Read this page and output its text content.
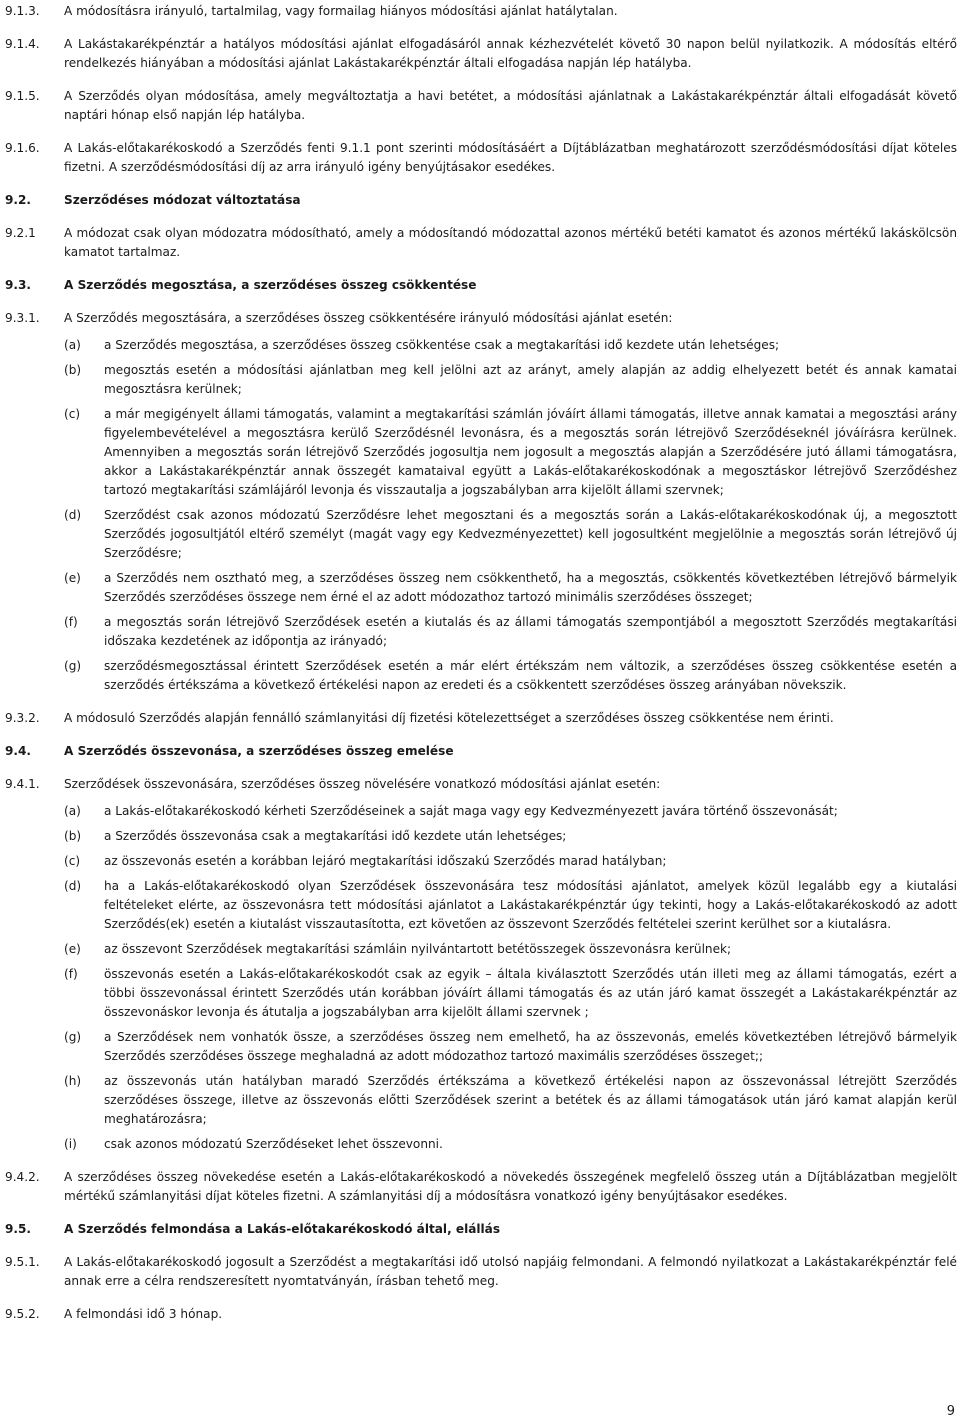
9.1.3.	A módosításra irányuló, tartalmilag, vagy formailag hiányos módosítási ajánlat hatálytalan.
9.1.4.	A Lakástakarékpénztár a hatályos módosítási ajánlat elfogadásáról annak kézhezvételét követő 30 napon belül nyilatkozik. A módosítás eltérő rendelkezés hiányában a módosítási ajánlat Lakástakarékpénztár általi elfogadása napján lép hatályba.
9.1.5.	A Szerződés olyan módosítása, amely megváltoztatja a havi betétet, a módosítási ajánlatnak a Lakástakarékpénztár általi elfogadását követő naptári hónap első napján lép hatályba.
9.1.6.	A Lakás-előtakarékoskodó a Szerződés fenti 9.1.1 pont szerinti módosításáért a Díjtáblázatban meghatározott szerződésmódosítási díjat köteles fizetni. A szerződésmódosítási díj az arra irányuló igény benyújtásakor esedékes.
9.2.	Szerződéses módozat változtatása
9.2.1	A módozat csak olyan módozatra módosítható, amely a módosítandó módozattal azonos mértékű betéti kamatot és azonos mértékű lakáskölcsön kamatot tartalmaz.
9.3.	A Szerződés megosztása, a szerződéses összeg csökkentése
9.3.1.	A Szerződés megosztására, a szerződéses összeg csökkentésére irányuló módosítási ajánlat esetén:
(a)	a Szerződés megosztása, a szerződéses összeg csökkentése csak a megtakarítási idő kezdete után lehetséges;
(b)	megosztás esetén a módosítási ajánlatban meg kell jelölni azt az arányt, amely alapján az addig elhelyezett betét és annak kamatai megosztásra kerülnek;
(c)	a már megigényelt állami támogatás, valamint a megtakarítási számlán jóváírt állami támogatás, illetve annak kamatai a megosztási arány figyelembevételével a megosztásra kerülő Szerződésnél levonásra, és a megosztás során létrejövő Szerződéseknél jóváírásra kerülnek. Amennyiben a megosztás során létrejövő Szerződés jogosultja nem jogosult a megosztás alapján a Szerződésére jutó állami támogatásra, akkor a Lakástakarékpénztár annak összegét kamataival együtt a Lakás-előtakarékoskodónak a megosztáskor létrejövő Szerződéshez tartozó megtakarítási számlájáról levonja és visszautalja a jogszabályban arra kijelölt állami szervnek;
(d)	Szerződést csak azonos módozatú Szerződésre lehet megosztani és a megosztás során a Lakás-előtakarékoskodónak új, a megosztott Szerződés jogosultjától eltérő személyt (magát vagy egy Kedvezményezettet) kell jogosultként megjelölnie a megosztás során létrejövő új Szerződésre;
(e)	a Szerződés nem osztható meg, a szerződéses összeg nem csökkenthető, ha a megosztás, csökkentés következtében létrejövő bármelyik Szerződés szerződéses összege nem érné el az adott módozathoz tartozó minimális szerződéses összeget;
(f)	a megosztás során létrejövő Szerződések esetén a kiutalás és az állami támogatás szempontjából a megosztott Szerződés megtakarítási időszaka kezdetének az időpontja az irányadó;
(g)	szerződésmegosztással érintett Szerződések esetén a már elért értékszám nem változik, a szerződéses összeg csökkentése esetén a szerződés értékszáma a következő értékelési napon az eredeti és a csökkentett szerződéses összeg arányában növekszik.
9.3.2.	A módosuló Szerződés alapján fennálló számlanyitási díj fizetési kötelezettséget a szerződéses összeg csökkentése nem érinti.
9.4.	A Szerződés összevonása, a szerződéses összeg emelése
9.4.1.	Szerződések összevonására, szerződéses összeg növelésére vonatkozó módosítási ajánlat esetén:
(a)	a Lakás-előtakarékoskodó kérheti Szerződéseinek a saját maga vagy egy Kedvezményezett javára történő összevonását;
(b)	a Szerződés összevonása csak a megtakarítási idő kezdete után lehetséges;
(c)	az összevonás esetén a korábban lejáró megtakarítási időszakú Szerződés marad hatályban;
(d)	ha a Lakás-előtakarékoskodó olyan Szerződések összevonására tesz módosítási ajánlatot, amelyek közül legalább egy a kiutalási feltételeket elérte, az összevonásra tett módosítási ajánlatot a Lakástakarékpénztár úgy tekinti, hogy a Lakás-előtakarékoskodó az adott Szerződés(ek) esetén a kiutalást visszautasította, ezt követően az összevont Szerződés feltételei szerint kerülhet sor a kiutalásra.
(e)	az összevont Szerződések megtakarítási számláin nyilvántartott betétösszegek összevonásra kerülnek;
(f)	összevonás esetén a Lakás-előtakarékoskodót csak az egyik – általa kiválasztott Szerződés után illeti meg az állami támogatás, ezért a többi összevonással érintett Szerződés után korábban jóváírt állami támogatás és az után járó kamat összegét a Lakástakarékpénztár az összevonáskor levonja és átutalja a jogszabályban arra kijelölt állami szervnek ;
(g)	a Szerződések nem vonhatók össze, a szerződéses összeg nem emelhető, ha az összevonás, emelés következtében létrejövő bármelyik Szerződés szerződéses összege meghaladná az adott módozathoz tartozó maximális szerződéses összeget;;
(h)	az összevonás után hatályban maradó Szerződés értékszáma a következő értékelési napon az összevonással létrejött Szerződés szerződéses összege, illetve az összevonás előtti Szerződések szerint a betétek és az állami támogatások után járó kamat alapján kerül meghatározásra;
(i)	csak azonos módozatú Szerződéseket lehet összevonni.
9.4.2.	A szerződéses összeg növekedése esetén a Lakás-előtakarékoskodó a növekedés összegének megfelelő összeg után a Díjtáblázatban megjelölt mértékű számlanyitási díjat köteles fizetni. A számlanyitási díj a módosításra vonatkozó igény benyújtásakor esedékes.
9.5.	A Szerződés felmondása a Lakás-előtakarékoskodó által, elállás
9.5.1.	A Lakás-előtakarékoskodó jogosult a Szerződést a megtakarítási idő utolsó napjáig felmondani. A felmondó nyilatkozat a Lakástakarékpénztár felé annak erre a célra rendszeresített nyomtatványán, írásban tehető meg.
9.5.2.	A felmondási idő 3 hónap.
9
